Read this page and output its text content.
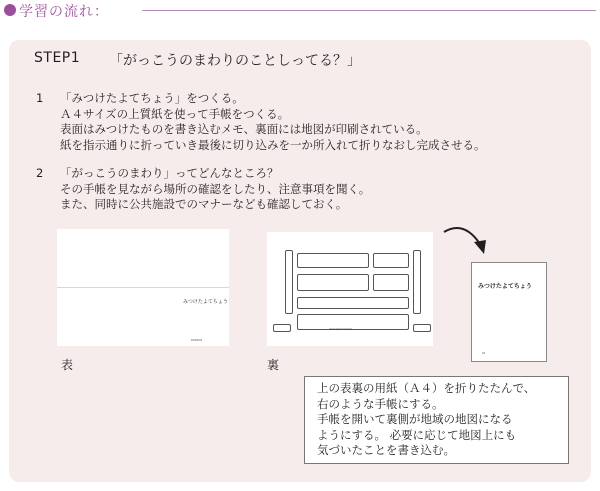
学習の流れ：
STEP1 「がっこうのまわりのことしってる？」
1 「みつけたよてちょう」をつくる。
Ａ４サイズの上質紙を使って手帳をつくる。
表面はみつけたものを書き込むメモ、裏面には地図が印刷されている。
紙を指示通りに折っていき最後に切り込みを一か所入れて折りなおし完成させる。
2 「がっこうのまわり」ってどんなところ？
その手帳を見ながら場所の確認をしたり、注意事項を聞く。
また、同時に公共施設でのマナーなども確認しておく。
みつけたよてちょう
▭▭▭
▭▭▭▭▭▭▭
みつけたよてちょう
▭
表	裏
上の表裏の用紙（Ａ４）を折りたたんで、
右のような手帳にする。
手帳を開いて裏側が地域の地図になる
ようにする。 必要に応じて地図上にも
気づいたことを書き込む。
